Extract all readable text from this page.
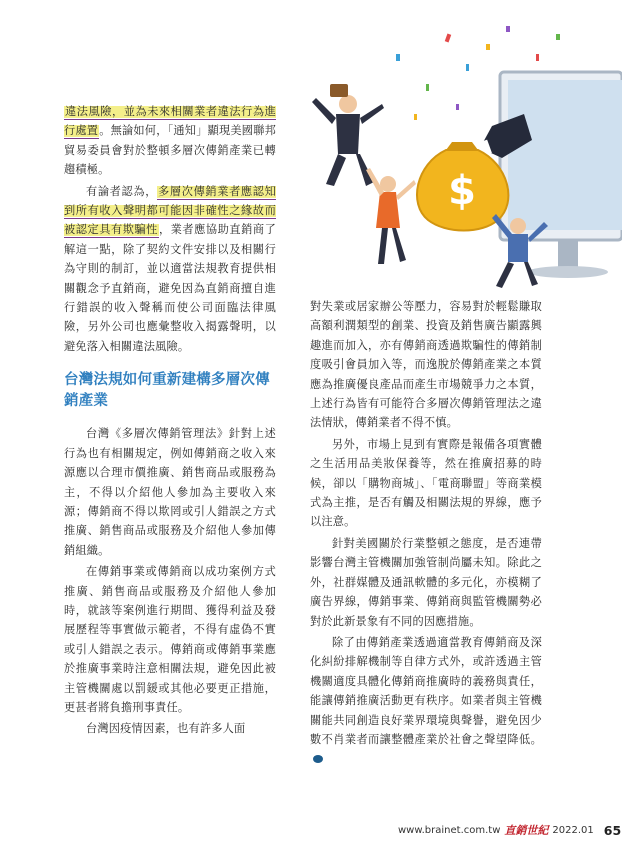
$

違法風險，並為未來相關業者違法行為進行處置。無論如何，「通知」顯現美國聯邦貿易委員會對於整頓多層次傳銷產業已轉趨積極。

有論者認為，多層次傳銷業者應認知到所有收入聲明都可能因非確性之緣故而被認定具有欺騙性，業者應協助直銷商了解這一點，除了契約文件安排以及相關行為守則的制訂，並以適當法規教育提供相關觀念予直銷商，避免因為直銷商擅自進行錯誤的收入聲稱而使公司面臨法律風險，另外公司也應彙整收入揭露聲明，以避免落入相關違法風險。

台灣法規如何重新建構多層次傳銷產業

台灣《多層次傳銷管理法》針對上述行為也有相關規定，例如傳銷商之收入來源應以合理市價推廣、銷售商品或服務為主，不得以介紹他人參加為主要收入來源；傳銷商不得以欺罔或引人錯誤之方式推廣、銷售商品或服務及介紹他人參加傳銷組織。

在傳銷事業或傳銷商以成功案例方式推廣、銷售商品或服務及介紹他人參加時，就該等案例進行期間、獲得利益及發展歷程等事實做示範者，不得有虛偽不實或引人錯誤之表示。傳銷商或傳銷事業應於推廣事業時注意相關法規，避免因此被主管機關處以罰鍰或其他必要更正措施，更甚者將負擔刑事責任。

台灣因疫情因素，也有許多人面

對失業或居家辦公等壓力，容易對於輕鬆賺取高額利潤類型的創業、投資及銷售廣告顯露興趣進而加入，亦有傳銷商透過欺騙性的傳銷制度吸引會員加入等，而逸脫於傳銷產業之本質應為推廣優良產品而產生市場競爭力之本質，上述行為皆有可能符合多層次傳銷管理法之違法情狀，傳銷業者不得不慎。

另外，市場上見到有實際是報備各項實體之生活用品美妝保養等，然在推廣招募的時候，卻以「購物商城」、「電商聯盟」等商業模式為主推，是否有觸及相關法規的界線，應予以注意。

針對美國關於行業整頓之態度，是否連帶影響台灣主管機關加強管制尚屬未知。除此之外，社群媒體及通訊軟體的多元化，亦模糊了廣告界線，傳銷事業、傳銷商與監管機關勢必對於此新景象有不同的因應措施。

除了由傳銷產業透過適當教育傳銷商及深化糾紛排解機制等自律方式外，或許透過主管機關適度具體化傳銷商推廣時的義務與責任，能讓傳銷推廣活動更有秩序。如業者與主管機關能共同創造良好業界環境與聲譽，避免因少數不肖業者而讓整體產業於社會之聲望降低。

www.brainet.com.tw 直銷世紀 2022.01 65
